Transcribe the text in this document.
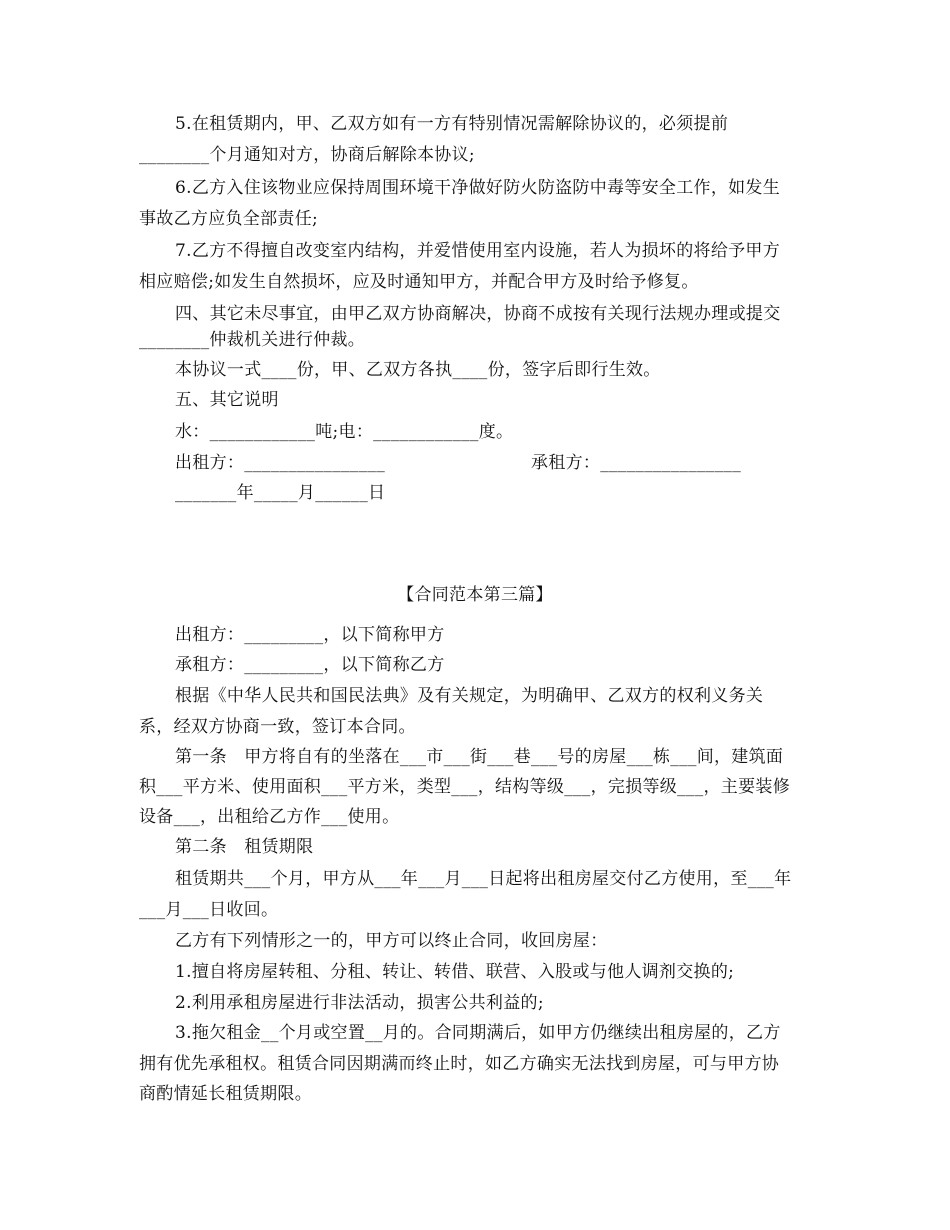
5.在租赁期内，甲、乙双方如有一方有特别情况需解除协议的，必须提前
________个月通知对方，协商后解除本协议;
6.乙方入住该物业应保持周围环境干净做好防火防盗防中毒等安全工作，如发生
事故乙方应负全部责任;
7.乙方不得擅自改变室内结构，并爱惜使用室内设施，若人为损坏的将给予甲方
相应赔偿;如发生自然损坏，应及时通知甲方，并配合甲方及时给予修复。
四、其它未尽事宜，由甲乙双方协商解决，协商不成按有关现行法规办理或提交
________仲裁机关进行仲裁。
本协议一式____份，甲、乙双方各执____份，签字后即行生效。
五、其它说明
水：____________吨;电：____________度。
出租方：________________	承租方：________________
_______年_____月______日
【合同范本第三篇】
出租方：_________，以下简称甲方
承租方：_________，以下简称乙方
根据《中华人民共和国民法典》及有关规定，为明确甲、乙双方的权利义务关
系，经双方协商一致，签订本合同。
第一条　甲方将自有的坐落在___市___街___巷___号的房屋___栋___间，建筑面
积___平方米、使用面积___平方米，类型___，结构等级___，完损等级___，主要装修
设备___，出租给乙方作___使用。
第二条　租赁期限
租赁期共___个月，甲方从___年___月___日起将出租房屋交付乙方使用，至___年
___月___日收回。
乙方有下列情形之一的，甲方可以终止合同，收回房屋：
1.擅自将房屋转租、分租、转让、转借、联营、入股或与他人调剂交换的;
2.利用承租房屋进行非法活动，损害公共利益的;
3.拖欠租金__个月或空置__月的。合同期满后，如甲方仍继续出租房屋的，乙方
拥有优先承租权。租赁合同因期满而终止时，如乙方确实无法找到房屋，可与甲方协
商酌情延长租赁期限。
